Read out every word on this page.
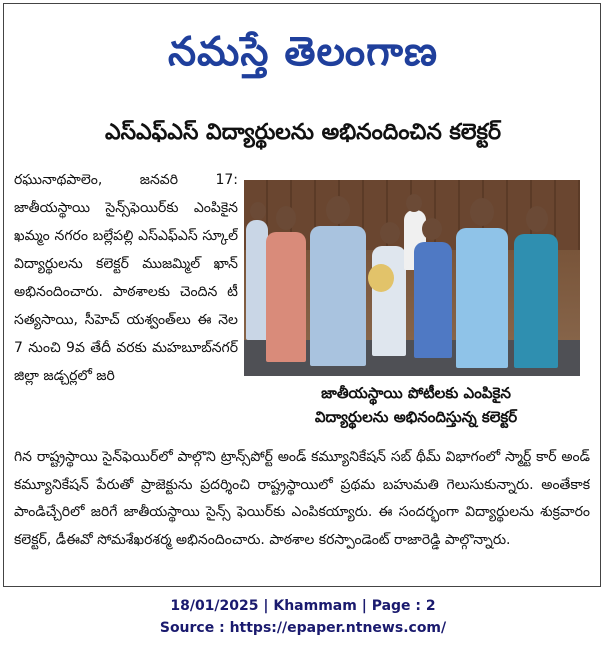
నమస్తే తెలంగాణ
ఎస్‌ఎఫ్‌ఎస్ విద్యార్థులను అభినందించిన కలెక్టర్
రఘునాథపాలెం, జనవరి 17: జాతీయస్థాయి సైన్స్‌ఫెయిర్‌కు ఎంపికైన ఖమ్మం నగరం బల్లేపల్లి ఎస్‌ఎఫ్‌ఎస్ స్కూల్ విద్యార్థులను కలెక్టర్ ముజమ్మిల్ ఖాన్ అభినందించారు. పాఠశాలకు చెందిన టీ సత్యసాయి, సీహెచ్ యశ్వంత్‌లు ఈ నెల 7 నుంచి 9వ తేదీ వరకు మహబూబ్‌నగర్ జిల్లా జడ్చర్లలో జరి
జాతీయస్థాయి పోటీలకు ఎంపికైన
విద్యార్థులను అభినందిస్తున్న కలెక్టర్
గిన రాష్ట్రస్థాయి సైన్‌ఫెయిర్‌లో పాల్గొని ట్రాన్స్‌పోర్ట్ అండ్ కమ్యూనికేషన్ సబ్ థీమ్ విభాగంలో స్మార్ట్ కార్ అండ్ కమ్యూనికేషన్ పేరుతో ప్రాజెక్టును ప్రదర్శించి రాష్ట్రస్థాయిలో ప్రథమ బహుమతి గెలుసుకున్నారు. అంతేకాక పాండిచ్చేరిలో జరిగే జాతీయస్థాయి సైన్స్ ఫెయిర్‌కు ఎంపికయ్యారు. ఈ సందర్భంగా విద్యార్థులను శుక్రవారం కలెక్టర్, డీఈవో సోమశేఖరశర్మ అభినందించారు. పాఠశాల కరస్పాండెంట్ రాజారెడ్డి పాల్గొన్నారు.
18/01/2025 | Khammam | Page : 2
Source : https://epaper.ntnews.com/
